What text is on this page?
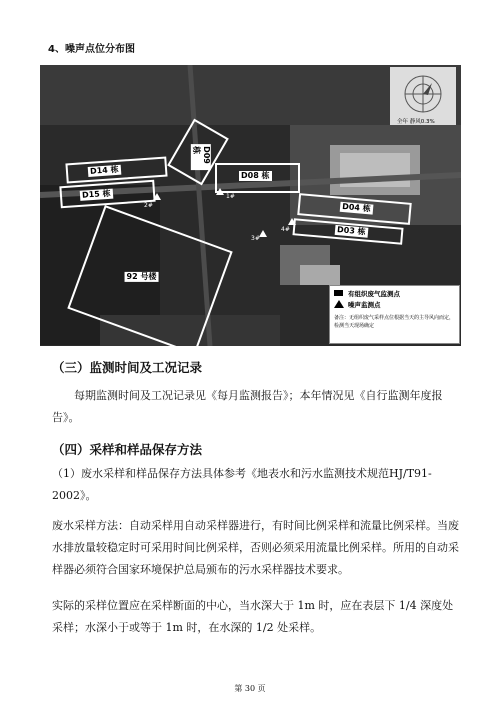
4、噪声点位分布图
全年 静风0.3%
D09 栋
D14 栋
D15 栋
D08 栋
D04 栋
D03 栋
92 号楼
1#
2#
3#
4#
有组织废气监测点
噪声监测点
备注：无组织废气采样点位根据当天的主导风向而定，检测当天现场确定
（三）监测时间及工况记录
每期监测时间及工况记录见《每月监测报告》；本年情况见《自行监测年度报告》。
（四）采样和样品保存方法
（1）废水采样和样品保存方法具体参考《地表水和污水监测技术规范HJ/T91-2002》。
废水采样方法：自动采样用自动采样器进行，有时间比例采样和流量比例采样。当废水排放量较稳定时可采用时间比例采样，否则必须采用流量比例采样。所用的自动采样器必须符合国家环境保护总局颁布的污水采样器技术要求。
实际的采样位置应在采样断面的中心，当水深大于 1m 时，应在表层下 1/4 深度处采样；水深小于或等于 1m 时，在水深的 1/2 处采样。
第 30 页
